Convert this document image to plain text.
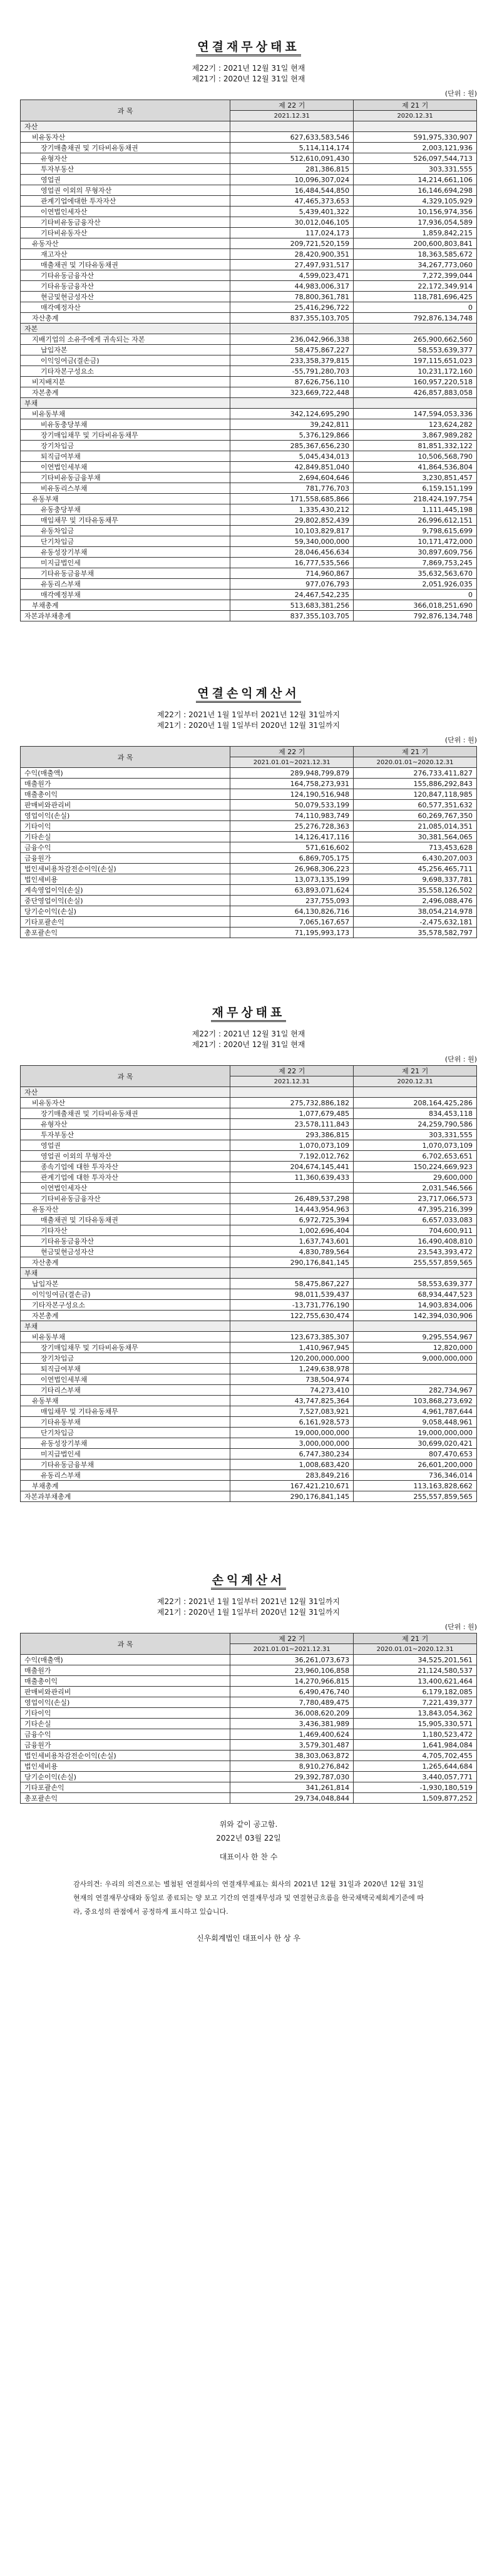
연결재무상태표
제22기 : 2021년 12월 31일 현재
제21기 : 2020년 12월 31일 현재
(단위 : 원)
과 목	제 22 기	제 21 기
	2021.12.31	2020.12.31
자산		
비유동자산	627,633,583,546	591,975,330,907
장기매출채권 및 기타비유동채권	5,114,114,174	2,003,121,936
유형자산	512,610,091,430	526,097,544,713
투자부동산	281,386,815	303,331,555
영업권	10,096,307,024	14,214,661,106
영업권 이외의 무형자산	16,484,544,850	16,146,694,298
관계기업에대한 투자자산	47,465,373,653	4,329,105,929
이연법인세자산	5,439,401,322	10,156,974,356
기타비유동금융자산	30,012,046,105	17,936,054,589
기타비유동자산	117,024,173	1,859,842,215
유동자산	209,721,520,159	200,600,803,841
재고자산	28,420,900,351	18,363,585,672
매출채권 및 기타유동채권	27,497,931,517	34,267,773,060
기타유동금융자산	4,599,023,471	7,272,399,044
기타유동금융자산	44,983,006,317	22,172,349,914
현금및현금성자산	78,800,361,781	118,781,696,425
매각예정자산	25,416,296,722	0
자산총계	837,355,103,705	792,876,134,748
자본		
지배기업의 소유주에게 귀속되는 자본	236,042,966,338	265,900,662,560
납입자본	58,475,867,227	58,553,639,377
이익잉여금(결손금)	233,358,379,815	197,115,651,023
기타자본구성요소	-55,791,280,703	10,231,172,160
비지배지분	87,626,756,110	160,957,220,518
자본총계	323,669,722,448	426,857,883,058
부채		
비유동부채	342,124,695,290	147,594,053,336
비유동충당부채	39,242,811	123,624,282
장기매입채무 및 기타비유동채무	5,376,129,866	3,867,989,282
장기차입금	285,367,656,230	81,851,332,122
퇴직급여부채	5,045,434,013	10,506,568,790
이연법인세부채	42,849,851,040	41,864,536,804
기타비유동금융부채	2,694,604,646	3,230,851,457
비유동리스부채	781,776,703	6,159,151,199
유동부채	171,558,685,866	218,424,197,754
유동충당부채	1,335,430,212	1,111,445,198
매입채무 및 기타유동채무	29,802,852,439	26,996,612,151
유동차입금	10,103,829,817	9,798,615,699
단기차입금	59,340,000,000	10,171,472,000
유동성장기부채	28,046,456,634	30,897,609,756
미지급법인세	16,777,535,566	7,869,753,245
기타유동금융부채	714,960,867	35,632,563,670
유동리스부채	977,076,793	2,051,926,035
매각예정부채	24,467,542,235	0
부채총계	513,683,381,256	366,018,251,690
자본과부채총계	837,355,103,705	792,876,134,748
연결손익계산서
제22기 : 2021년 1월 1일부터 2021년 12월 31일까지
제21기 : 2020년 1월 1일부터 2020년 12월 31일까지
(단위 : 원)
과 목	제 22 기	제 21 기
	2021.01.01~2021.12.31	2020.01.01~2020.12.31
수익(매출액)	289,948,799,879	276,733,411,827
매출원가	164,758,273,931	155,886,292,843
매출총이익	124,190,516,948	120,847,118,985
판매비와관리비	50,079,533,199	60,577,351,632
영업이익(손실)	74,110,983,749	60,269,767,350
기타이익	25,276,728,363	21,085,014,351
기타손실	14,126,417,116	30,381,564,065
금융수익	571,616,602	713,453,628
금융원가	6,869,705,175	6,430,207,003
법인세비용차감전순이익(손실)	26,968,306,223	45,256,465,711
법인세비용	13,073,135,199	9,698,337,781
계속영업이익(손실)	63,893,071,624	35,558,126,502
중단영업이익(손실)	237,755,093	2,496,088,476
당기순이익(손실)	64,130,826,716	38,054,214,978
기타포괄손익	7,065,167,657	-2,475,632,181
총포괄손익	71,195,993,173	35,578,582,797
재무상태표
제22기 : 2021년 12월 31일 현재
제21기 : 2020년 12월 31일 현재
(단위 : 원)
과 목	제 22 기	제 21 기
	2021.12.31	2020.12.31
자산		
비유동자산	275,732,886,182	208,164,425,286
장기매출채권 및 기타비유동채권	1,077,679,485	834,453,118
유형자산	23,578,111,843	24,259,790,586
투자부동산	293,386,815	303,331,555
영업권	1,070,073,109	1,070,073,109
영업권 이외의 무형자산	7,192,012,762	6,702,653,651
종속기업에 대한 투자자산	204,674,145,441	150,224,669,923
관계기업에 대한 투자자산	11,360,639,433	29,600,000
이연법인세자산		2,031,546,566
기타비유동금융자산	26,489,537,298	23,717,066,573
유동자산	14,443,954,963	47,395,216,399
매출채권 및 기타유동채권	6,972,725,394	6,657,033,083
기타자산	1,002,696,404	704,600,911
기타유동금융자산	1,637,743,601	16,490,408,810
현금및현금성자산	4,830,789,564	23,543,393,472
자산총계	290,176,841,145	255,557,859,565
부채		
납입자본	58,475,867,227	58,553,639,377
이익잉여금(결손금)	98,011,539,437	68,934,447,523
기타자본구성요소	-13,731,776,190	14,903,834,006
자본총계	122,755,630,474	142,394,030,906
부채		
비유동부채	123,673,385,307	9,295,554,967
장기매입채무 및 기타비유동채무	1,410,967,945	12,820,000
장기차입금	120,200,000,000	9,000,000,000
퇴직급여부채	1,249,638,978	
이연법인세부채	738,504,974	
기타리스부채	74,273,410	282,734,967
유동부채	43,747,825,364	103,868,273,692
매입채무 및 기타유동채무	7,527,083,921	4,961,787,644
기타유동부채	6,161,928,573	9,058,448,961
단기차입금	19,000,000,000	19,000,000,000
유동성장기부채	3,000,000,000	30,699,020,421
미지급법인세	6,747,380,234	807,470,653
기타유동금융부채	1,008,683,420	26,601,200,000
유동리스부채	283,849,216	736,346,014
부채총계	167,421,210,671	113,163,828,662
자본과부채총계	290,176,841,145	255,557,859,565
손익계산서
제22기 : 2021년 1월 1일부터 2021년 12월 31일까지
제21기 : 2020년 1월 1일부터 2020년 12월 31일까지
(단위 : 원)
과 목	제 22 기	제 21 기
	2021.01.01~2021.12.31	2020.01.01~2020.12.31
수익(매출액)	36,261,073,673	34,525,201,561
매출원가	23,960,106,858	21,124,580,537
매출총이익	14,270,966,815	13,400,621,464
판매비와관리비	6,490,476,740	6,179,182,085
영업이익(손실)	7,780,489,475	7,221,439,377
기타이익	36,008,620,209	13,843,054,362
기타손실	3,436,381,989	15,905,330,571
금융수익	1,469,400,624	1,180,523,472
금융원가	3,579,301,487	1,641,984,084
법인세비용차감전순이익(손실)	38,303,063,872	4,705,702,455
법인세비용	8,910,276,842	1,265,644,684
당기순이익(손실)	29,392,787,030	3,440,057,771
기타포괄손익	341,261,814	-1,930,180,519
총포괄손익	29,734,048,844	1,509,877,252
위와 같이 공고함.
2022년 03월 22일
대표이사 한 찬 수
감사의견: 우리의 의견으로는 별첨된 연결회사의 연결재무제표는 회사의 2021년 12월 31일과 2020년 12월 31일 현재의 연결재무상태와 동일로 종료되는 양 보고 기간의 연결재무성과 및 연결현금흐름을 한국채택국제회계기준에 따라, 중요성의 관점에서 공정하게 표시하고 있습니다.
신우회계법인 대표이사 한 상 우
